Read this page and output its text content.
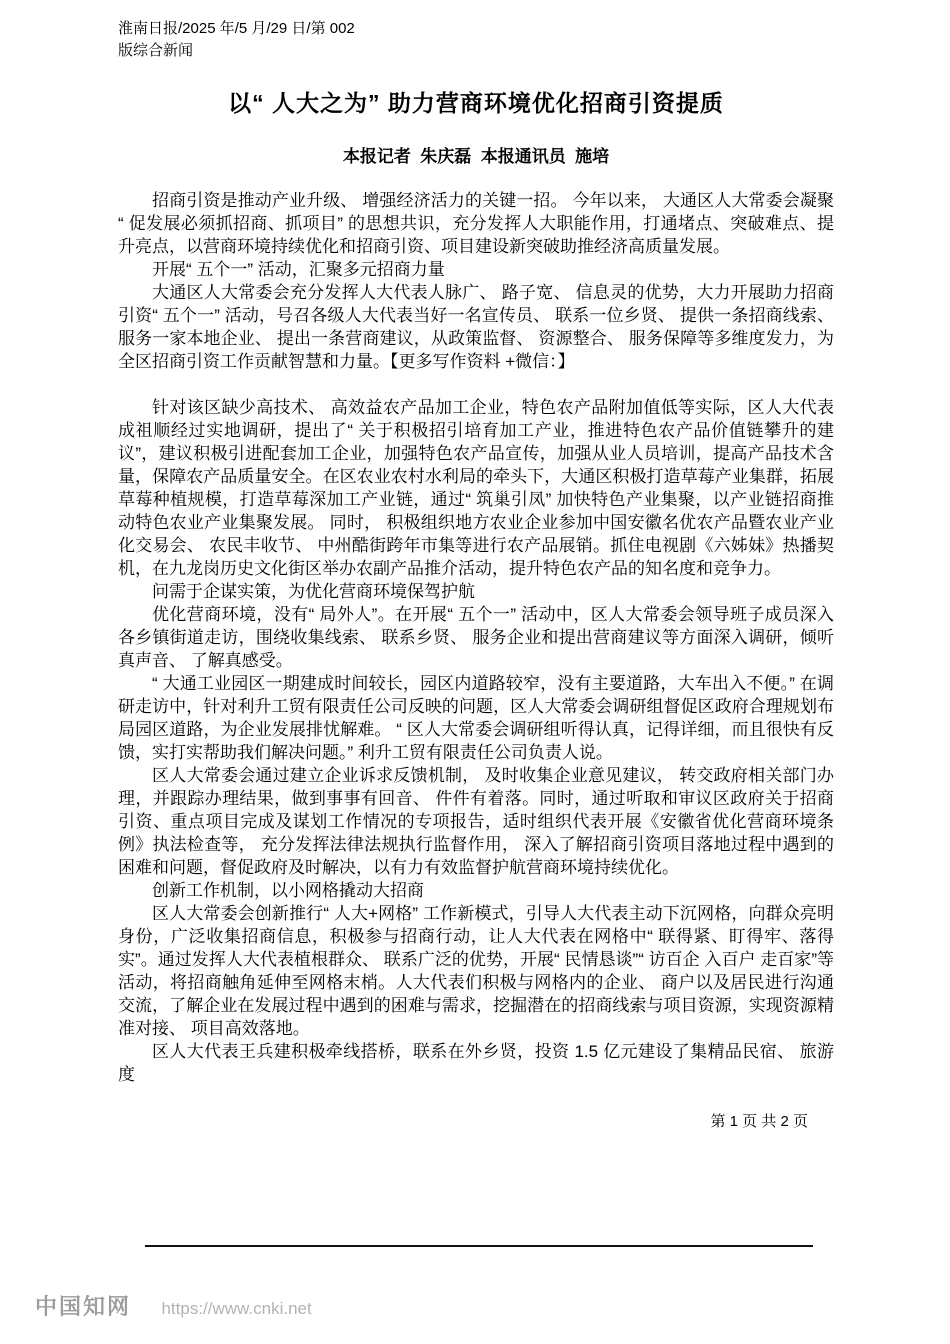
淮南日报/2025 年/5 月/29 日/第 002
版综合新闻
以“ 人大之为” 助力营商环境优化招商引资提质
本报记者  朱庆磊  本报通讯员  施培

招商引资是推动产业升级、 增强经济活力的关键一招。 今年以来， 大通区人大常委会凝聚 “ 促发展必须抓招商、抓项目” 的思想共识，充分发挥人大职能作用，打通堵点、突破难点、提升亮点，以营商环境持续优化和招商引资、项目建设新突破助推经济高质量发展。

开展“ 五个一” 活动，汇聚多元招商力量

大通区人大常委会充分发挥人大代表人脉广、 路子宽、 信息灵的优势，大力开展助力招商引资“ 五个一” 活动，号召各级人大代表当好一名宣传员、 联系一位乡贤、 提供一条招商线索、 服务一家本地企业、 提出一条营商建议，从政策监督、 资源整合、 服务保障等多维度发力，为全区招商引资工作贡献智慧和力量。【更多写作资料 +微信：】

针对该区缺少高技术、 高效益农产品加工企业，特色农产品附加值低等实际，区人大代表成祖顺经过实地调研，提出了“ 关于积极招引培育加工产业，推进特色农产品价值链攀升的建议”，建议积极引进配套加工企业，加强特色农产品宣传，加强从业人员培训，提高产品技术含量，保障农产品质量安全。在区农业农村水利局的牵头下，大通区积极打造草莓产业集群，拓展草莓种植规模，打造草莓深加工产业链，通过“ 筑巢引凤” 加快特色产业集聚，以产业链招商推动特色农业产业集聚发展。 同时， 积极组织地方农业企业参加中国安徽名优农产品暨农业产业化交易会、 农民丰收节、 中州酷街跨年市集等进行农产品展销。抓住电视剧《六姊妹》热播契机，在九龙岗历史文化街区举办农副产品推介活动，提升特色农产品的知名度和竞争力。

问需于企谋实策，为优化营商环境保驾护航

优化营商环境，没有“ 局外人”。在开展“ 五个一” 活动中，区人大常委会领导班子成员深入各乡镇街道走访，围绕收集线索、 联系乡贤、 服务企业和提出营商建议等方面深入调研，倾听真声音、 了解真感受。

“ 大通工业园区一期建成时间较长，园区内道路较窄，没有主要道路，大车出入不便。” 在调研走访中，针对利升工贸有限责任公司反映的问题，区人大常委会调研组督促区政府合理规划布局园区道路，为企业发展排忧解难。 “ 区人大常委会调研组听得认真，记得详细，而且很快有反馈，实打实帮助我们解决问题。” 利升工贸有限责任公司负责人说。

区人大常委会通过建立企业诉求反馈机制， 及时收集企业意见建议， 转交政府相关部门办理，并跟踪办理结果，做到事事有回音、 件件有着落。同时，通过听取和审议区政府关于招商引资、重点项目完成及谋划工作情况的专项报告，适时组织代表开展《安徽省优化营商环境条例》执法检查等， 充分发挥法律法规执行监督作用， 深入了解招商引资项目落地过程中遇到的困难和问题，督促政府及时解决，以有力有效监督护航营商环境持续优化。

创新工作机制，以小网格撬动大招商

区人大常委会创新推行“ 人大+网格” 工作新模式，引导人大代表主动下沉网格，向群众亮明身份，广泛收集招商信息，积极参与招商行动，让人大代表在网格中“ 联得紧、盯得牢、落得实”。通过发挥人大代表植根群众、 联系广泛的优势，开展“ 民情恳谈”“ 访百企 入百户 走百家”等活动，将招商触角延伸至网格末梢。人大代表们积极与网格内的企业、 商户以及居民进行沟通交流，了解企业在发展过程中遇到的困难与需求，挖掘潜在的招商线索与项目资源，实现资源精准对接、 项目高效落地。

区人大代表王兵建积极牵线搭桥，联系在外乡贤，投资 1.5 亿元建设了集精品民宿、 旅游度

第 1 页 共 2 页
中国知网 https://www.cnki.net
